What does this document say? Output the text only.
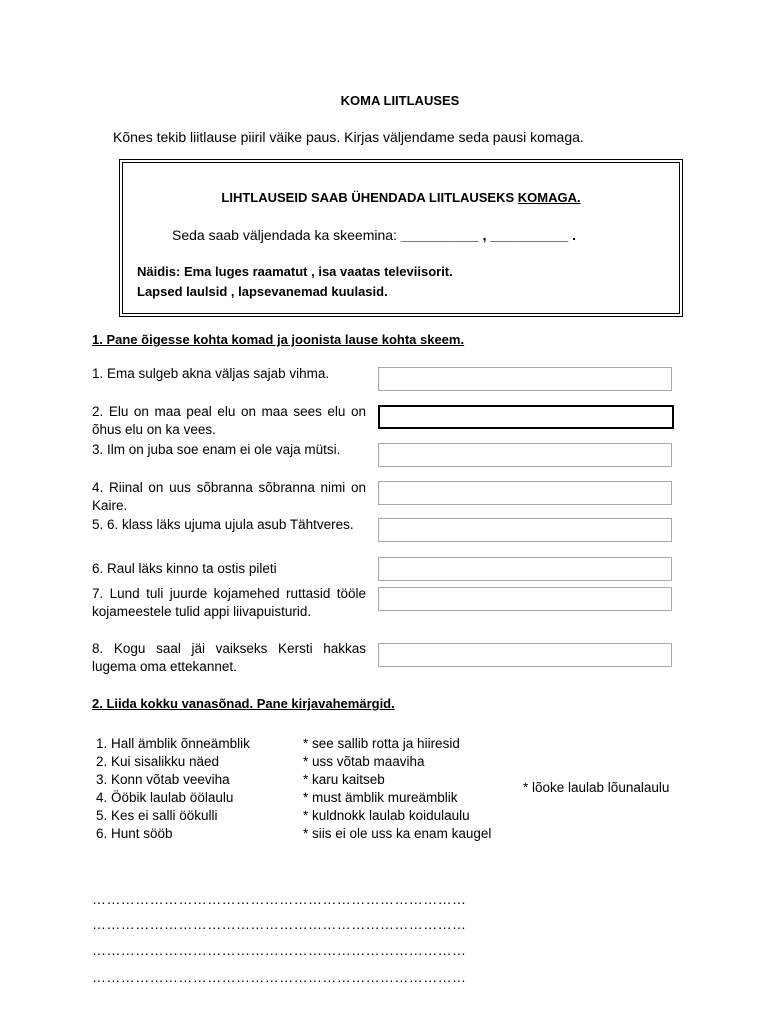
KOMA LIITLAUSES
Kõnes tekib liitlause piiril väike paus. Kirjas väljendame seda pausi komaga.
LIHTLAUSEID SAAB ÜHENDADA LIITLAUSEKS KOMAGA.
Seda saab väljendada ka skeemina: __________ , __________ .
Näidis: Ema luges raamatut , isa vaatas televiisorit.
Lapsed laulsid , lapsevanemad kuulasid.
1. Pane õigesse kohta komad ja joonista lause kohta skeem.
1. Ema sulgeb akna väljas sajab vihma.
2. Elu on maa peal elu on maa sees elu on õhus elu on ka vees.
3. Ilm on juba soe enam ei ole vaja mütsi.
4. Riinal on uus sõbranna sõbranna nimi on Kaire.
5. 6. klass läks ujuma ujula asub Tähtveres.
6. Raul läks kinno ta ostis pileti
7. Lund tuli juurde kojamehed ruttasid tööle kojameestele tulid appi liivapuisturid.
8. Kogu saal jäi vaikseks Kersti hakkas lugema oma ettekannet.
2. Liida kokku vanasõnad. Pane kirjavahemärgid.
1. Hall ämblik õnneämblik
2. Kui sisalikku näed
3. Konn võtab veeviha
4. Ööbik laulab öölaulu
5. Kes ei salli öökulli
6. Hunt sööb
* see sallib rotta ja hiiresid
* uss võtab maaviha
* karu kaitseb
* must ämblik mureämblik
* kuldnokk laulab koidulaulu
* siis ei ole uss ka enam kaugel
* lõoke laulab lõunalaulu
……………………………………………………………………
……………………………………………………………………
……………………………………………………………………
……………………………………………………………………
